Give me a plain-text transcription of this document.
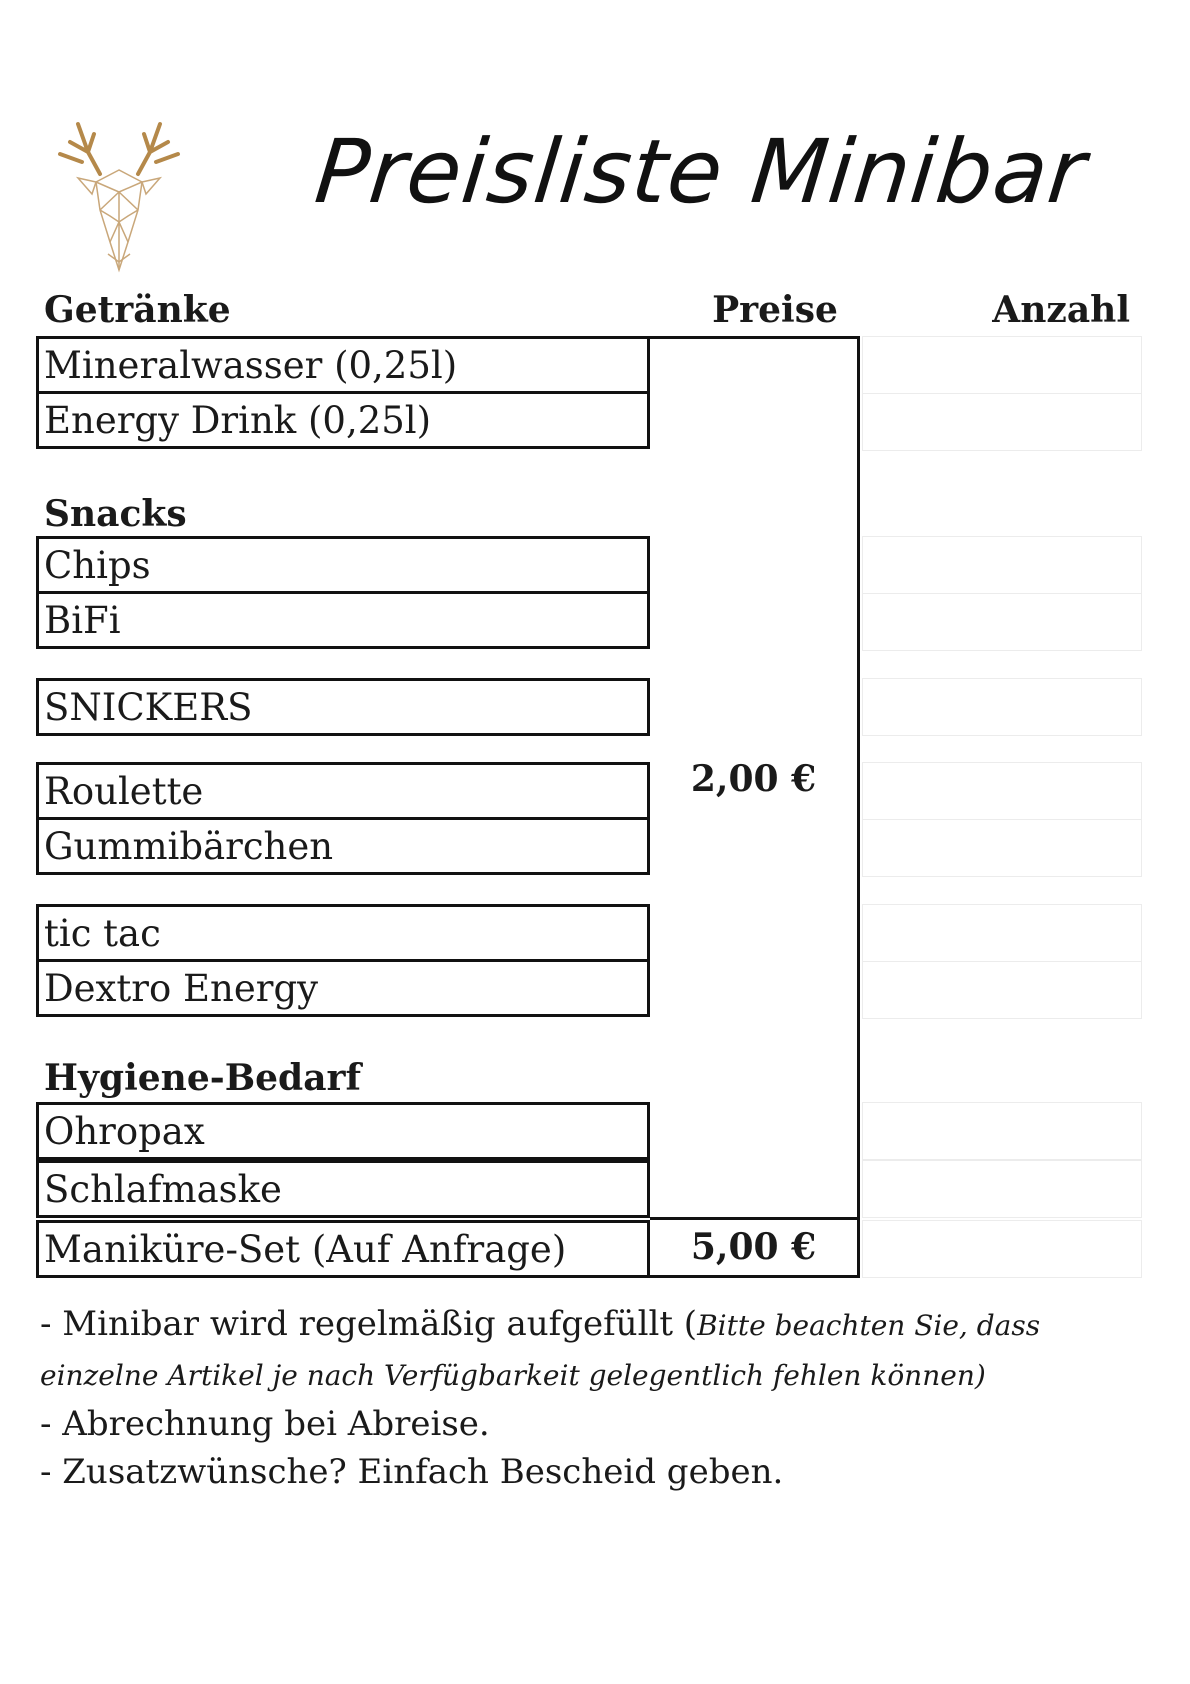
Preisliste Minibar
Getränke	Preise	Anzahl
Mineralwasser (0,25l)
Energy Drink (0,25l)
Snacks
Chips
BiFi
SNICKERS
Roulette
Gummibärchen
tic tac
Dextro Energy
Hygiene-Bedarf
Ohropax
Schlafmaske
Maniküre-Set (Auf Anfrage)
2,00 €
5,00 €

- Minibar wird regelmäßig aufgefüllt (Bitte beachten Sie, dass einzelne Artikel je nach Verfügbarkeit gelegentlich fehlen können)

- Abrechnung bei Abreise.

- Zusatzwünsche? Einfach Bescheid geben.
